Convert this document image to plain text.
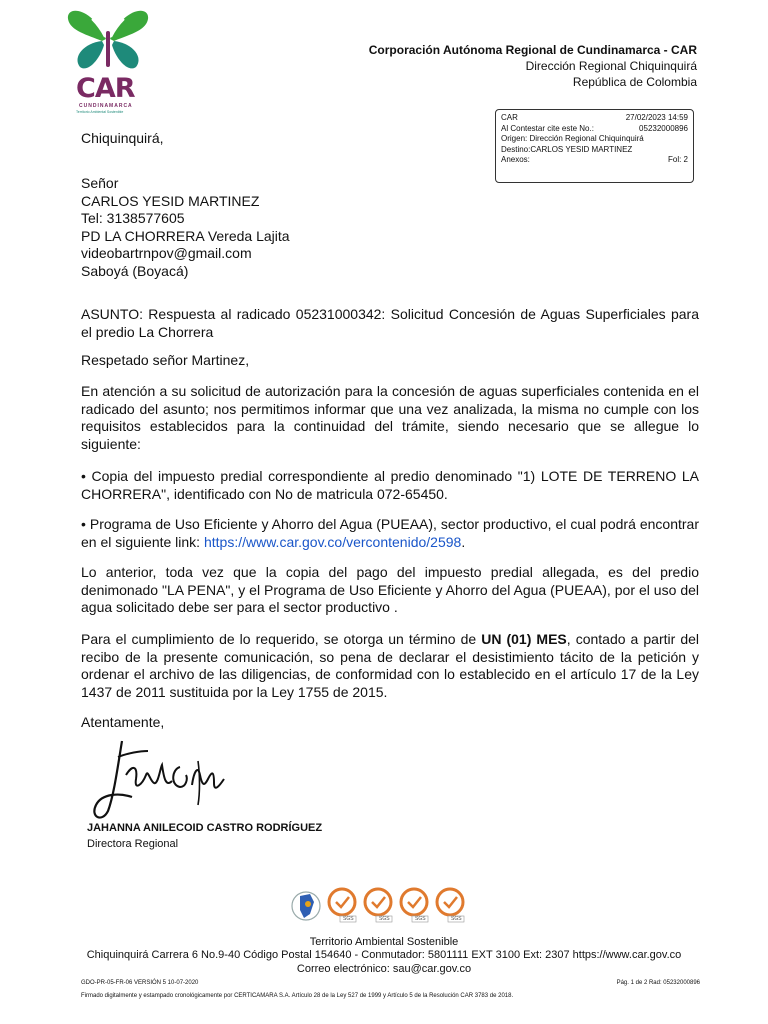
CAR
CUNDINAMARCA
Territorio Ambiental Sostenible
Corporación Autónoma Regional de Cundinamarca - CAR
Dirección Regional Chiquinquirá
República de Colombia
CAR	27/02/2023 14:59
Al Contestar cite este No.:	05232000896
Origen: Dirección Regional Chiquinquirá
Destino:CARLOS YESID MARTINEZ
Anexos:	Fol: 2
Chiquinquirá,
Señor
CARLOS YESID MARTINEZ
Tel: 3138577605
PD LA CHORRERA Vereda Lajita
videobartrnpov@gmail.com
Saboyá (Boyacá)
ASUNTO: Respuesta al radicado 05231000342: Solicitud Concesión de Aguas Superficiales para el predio La Chorrera
Respetado señor Martinez,
En atención a su solicitud de autorización para la concesión de aguas superficiales contenida en el radicado del asunto; nos permitimos informar que una vez analizada, la misma no cumple con los requisitos establecidos para la continuidad del trámite, siendo necesario que se allegue lo siguiente:
• Copia del impuesto predial correspondiente al predio denominado "1) LOTE DE TERRENO LA CHORRERA", identificado con No de matricula 072-65450.
• Programa de Uso Eficiente y Ahorro del Agua (PUEAA), sector productivo, el cual podrá encontrar en el siguiente link: https://www.car.gov.co/vercontenido/2598.
Lo anterior, toda vez que la copia del pago del impuesto predial allegada, es del predio denimonado "LA PENA", y el Programa de Uso Eficiente y Ahorro del Agua (PUEAA), por el uso del agua solicitado debe ser para el sector productivo .
Para el cumplimiento de lo requerido, se otorga un término de UN (01) MES, contado a partir del recibo de la presente comunicación, so pena de declarar el desistimiento tácito de la petición y ordenar el archivo de las diligencias, de conformidad con lo establecido en el artículo 17 de la Ley 1437 de 2011 sustituida por la Ley 1755 de 2015.
Atentamente,
JAHANNA ANILECOID CASTRO RODRÍGUEZ
Directora Regional
SGS	SGS	SGS	SGS
Territorio Ambiental Sostenible
Chiquinquirá Carrera 6 No.9-40 Código Postal 154640 - Conmutador: 5801111 EXT 3100 Ext: 2307 https://www.car.gov.co
Correo electrónico: sau@car.gov.co
GDO-PR-05-FR-06 VERSIÓN 5 10-07-2020	Pág. 1 de 2 Rad: 05232000896
Firmado digitalmente y estampado cronológicamente por CERTICAMARA S.A. Artículo 28 de la Ley 527 de 1999 y Artículo 5 de la Resolución CAR 3783 de 2018.
